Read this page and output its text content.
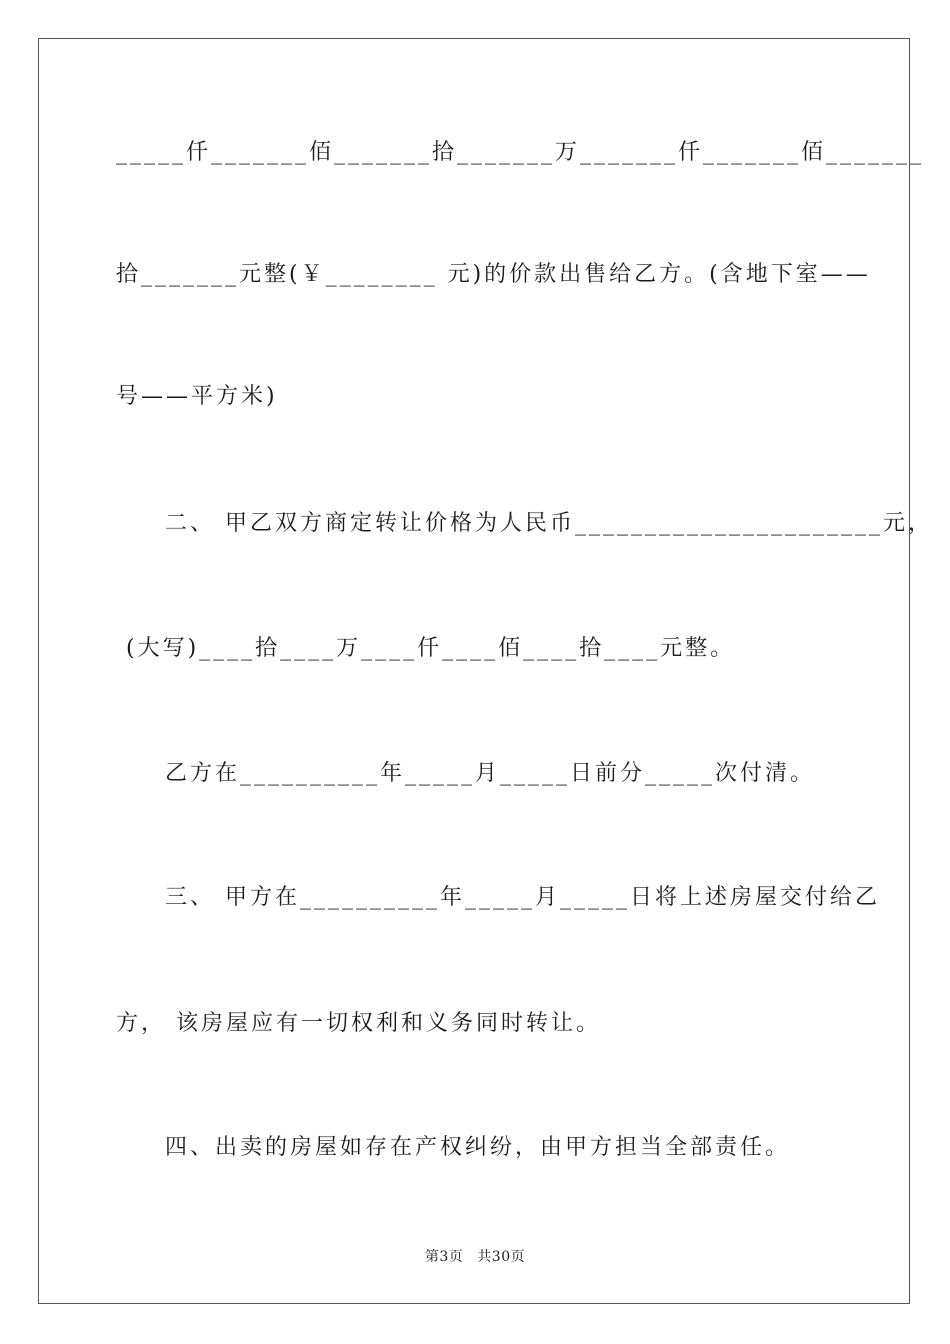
_____仟_______佰_______拾_______万_______仟_______佰_______
拾_______元整(￥________ 元)的价款出售给乙方。(含地下室——
号——平方米)
二、 甲乙双方商定转让价格为人民币______________________元，
(大写)____拾____万____仟____佰____拾____元整。
乙方在__________年_____月_____日前分_____次付清。
三、 甲方在__________年_____月_____日将上述房屋交付给乙
方， 该房屋应有一切权利和义务同时转让。
四、出卖的房屋如存在产权纠纷，由甲方担当全部责任。
第3页 共30页
